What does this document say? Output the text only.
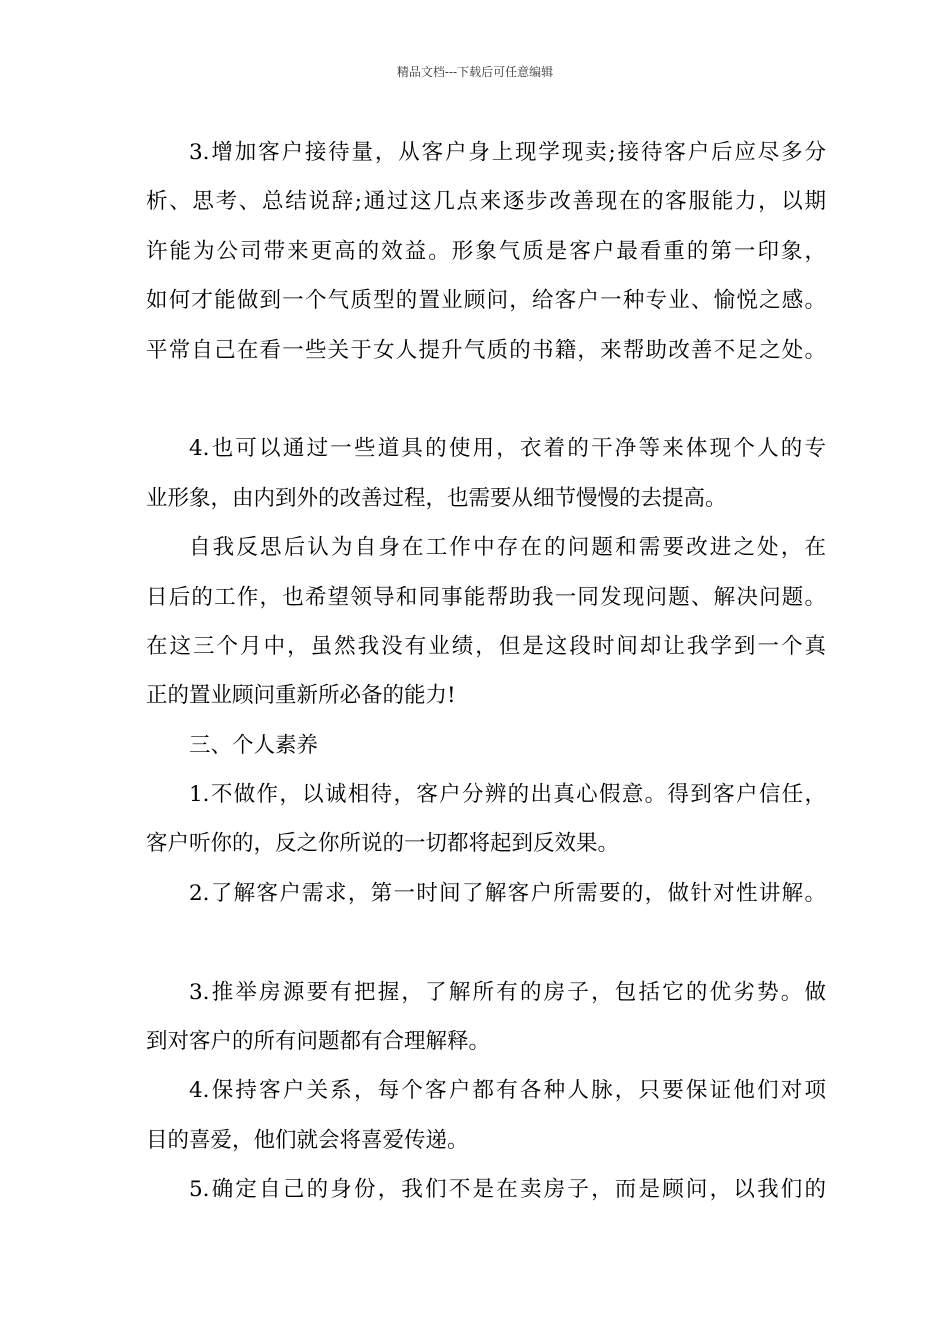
精品文档---下载后可任意编辑
3.增加客户接待量，从客户身上现学现卖;接待客户后应尽多分
析、思考、总结说辞;通过这几点来逐步改善现在的客服能力，以期
许能为公司带来更高的效益。形象气质是客户最看重的第一印象，
如何才能做到一个气质型的置业顾问，给客户一种专业、愉悦之感。
平常自己在看一些关于女人提升气质的书籍，来帮助改善不足之处。
4.也可以通过一些道具的使用，衣着的干净等来体现个人的专
业形象，由内到外的改善过程，也需要从细节慢慢的去提高。
自我反思后认为自身在工作中存在的问题和需要改进之处，在
日后的工作，也希望领导和同事能帮助我一同发现问题、解决问题。
在这三个月中，虽然我没有业绩，但是这段时间却让我学到一个真
正的置业顾问重新所必备的能力!
三、个人素养
1.不做作，以诚相待，客户分辨的出真心假意。得到客户信任，
客户听你的，反之你所说的一切都将起到反效果。
2.了解客户需求，第一时间了解客户所需要的，做针对性讲解。
3.推举房源要有把握，了解所有的房子，包括它的优劣势。做
到对客户的所有问题都有合理解释。
4.保持客户关系，每个客户都有各种人脉，只要保证他们对项
目的喜爱，他们就会将喜爱传递。
5.确定自己的身份，我们不是在卖房子，而是顾问，以我们的
